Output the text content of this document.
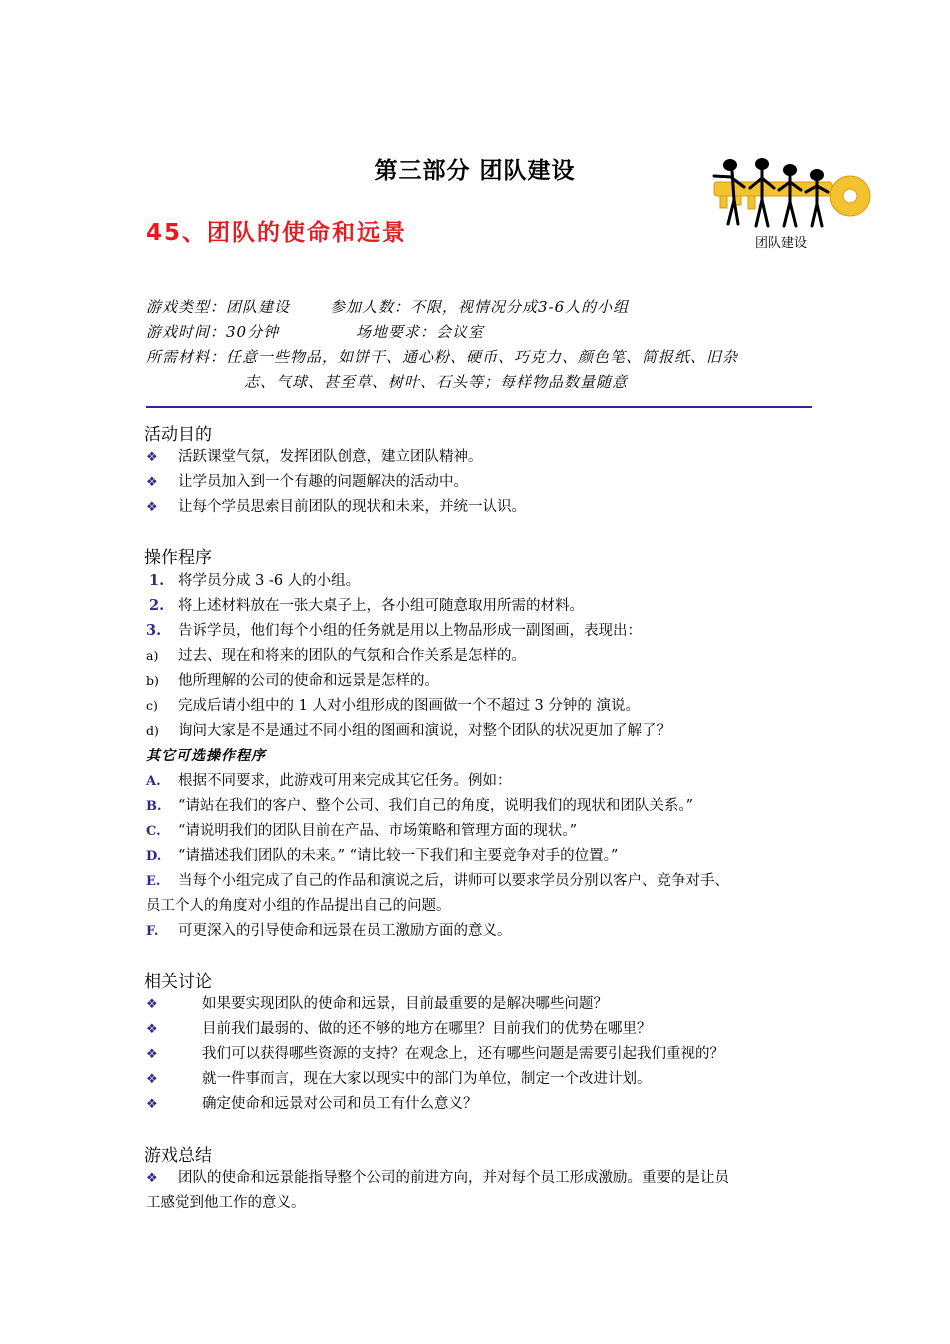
第三部分 团队建设
45、团队的使命和远景	团队建设
游戏类型：团队建设	参加人数：不限，视情况分成3-6人的小组
游戏时间：30分钟	场地要求：会议室
所需材料：任意一些物品，如饼干、通心粉、硬币、巧克力、颜色笔、简报纸、旧杂
志、气球、甚至草、树叶、石头等；每样物品数量随意
活动目的
❖ 活跃课堂气氛，发挥团队创意，建立团队精神。
❖ 让学员加入到一个有趣的问题解决的活动中。
❖ 让每个学员思索目前团队的现状和未来，并统一认识。
操作程序
1. 将学员分成 3 -6 人的小组。
2. 将上述材料放在一张大桌子上，各小组可随意取用所需的材料。
3. 告诉学员，他们每个小组的任务就是用以上物品形成一副图画，表现出：
a) 过去、现在和将来的团队的气氛和合作关系是怎样的。
b) 他所理解的公司的使命和远景是怎样的。
c) 完成后请小组中的 1 人对小组形成的图画做一个不超过 3 分钟的 演说。
d) 询问大家是不是通过不同小组的图画和演说，对整个团队的状况更加了解了？
其它可选操作程序
A. 根据不同要求，此游戏可用来完成其它任务。例如：
B. “请站在我们的客户、整个公司、我们自己的角度，说明我们的现状和团队关系。”
C. “请说明我们的团队目前在产品、市场策略和管理方面的现状。”
D. “请描述我们团队的未来。” “请比较一下我们和主要竞争对手的位置。”
E. 当每个小组完成了自己的作品和演说之后，讲师可以要求学员分别以客户、竞争对手、
员工个人的角度对小组的作品提出自己的问题。
F. 可更深入的引导使命和远景在员工激励方面的意义。
相关讨论
❖	如果要实现团队的使命和远景，目前最重要的是解决哪些问题？
❖	目前我们最弱的、做的还不够的地方在哪里？目前我们的优势在哪里？
❖	我们可以获得哪些资源的支持？在观念上，还有哪些问题是需要引起我们重视的？
❖	就一件事而言，现在大家以现实中的部门为单位，制定一个改进计划。
❖	确定使命和远景对公司和员工有什么意义？
游戏总结
❖ 团队的使命和远景能指导整个公司的前进方向，并对每个员工形成激励。重要的是让员
工感觉到他工作的意义。
